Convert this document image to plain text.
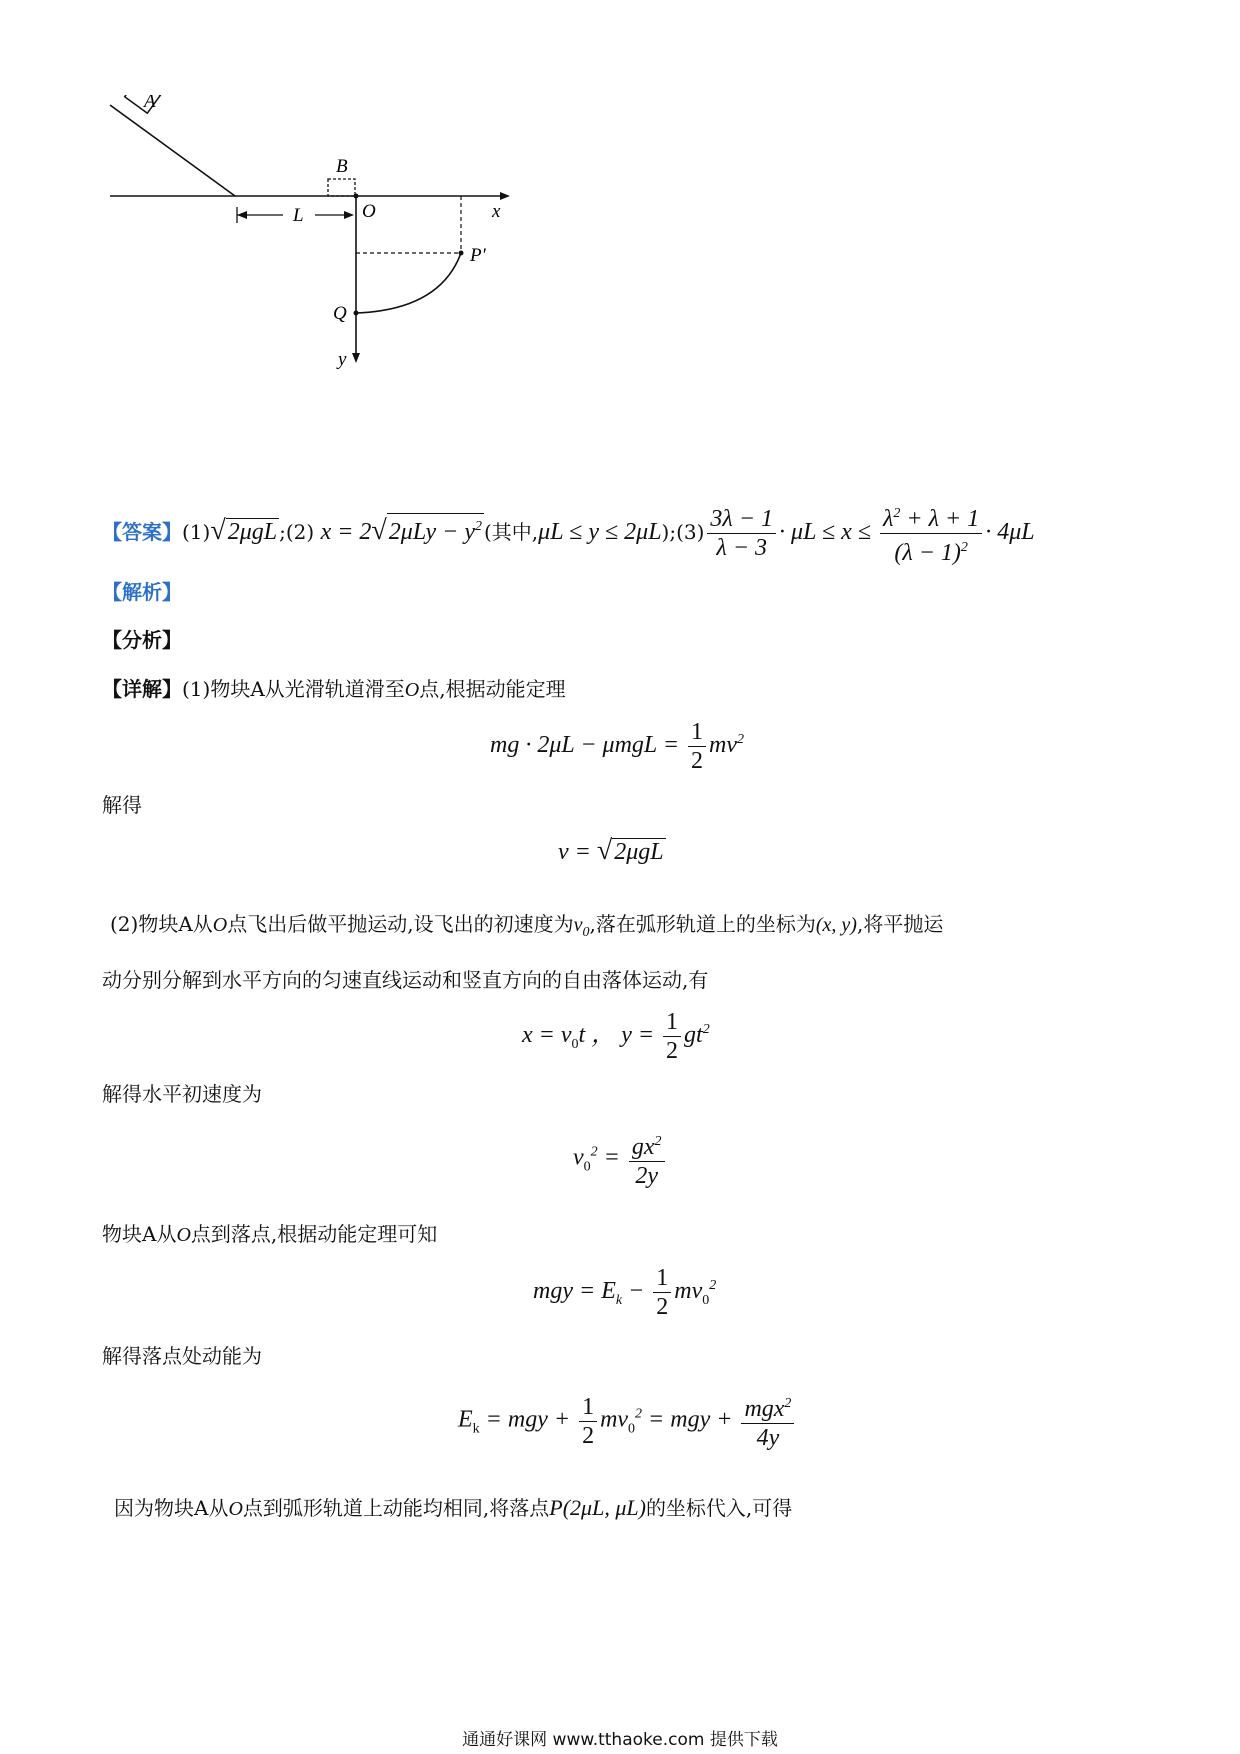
A
B
O	x
L
P′
Q
y
【答案】(1)√2μgL ;(2) $x = 2√2\mu Ly - y^2$ (其中,μL ≤ y ≤ 2μL);(3) $\frac{3\lambda - 1}{\lambda - 3} \cdot \mu L \le x \le \frac{\lambda^2 + \lambda + 1}{(\lambda - 1)^2} \cdot 4\mu L$
【解析】
【分析】
【详解】(1)物块A从光滑轨道滑至O点,根据动能定理
mg · $2\mu L - \mu mgL = \frac{1}{2} mv^2$
解得
v = √2μgL
(2)物块A从O点飞出后做平抛运动,设飞出的初速度为$v_0$,落在弧形轨道上的坐标为(x, y),将平抛运
动分别分解到水平方向的匀速直线运动和竖直方向的自由落体运动,有
$x = v_0t$ ， $y = \frac{1}{2} gt^2$
解得水平初速度为
$v_0^2 = \frac{gx^2}{2y}$
物块A从O点到落点,根据动能定理可知
mgy = $E_k - \frac{1}{2} mv_0^2$
解得落点处动能为
$E_k$ = mgy + $\frac{1}{2} mv_0^2$ = mgy + $\frac{mgx^2}{4y}$
因为物块A从O点到弧形轨道上动能均相同,将落点P(2μL, μL)的坐标代入,可得
通通好课网 www.tthaoke.com 提供下载
